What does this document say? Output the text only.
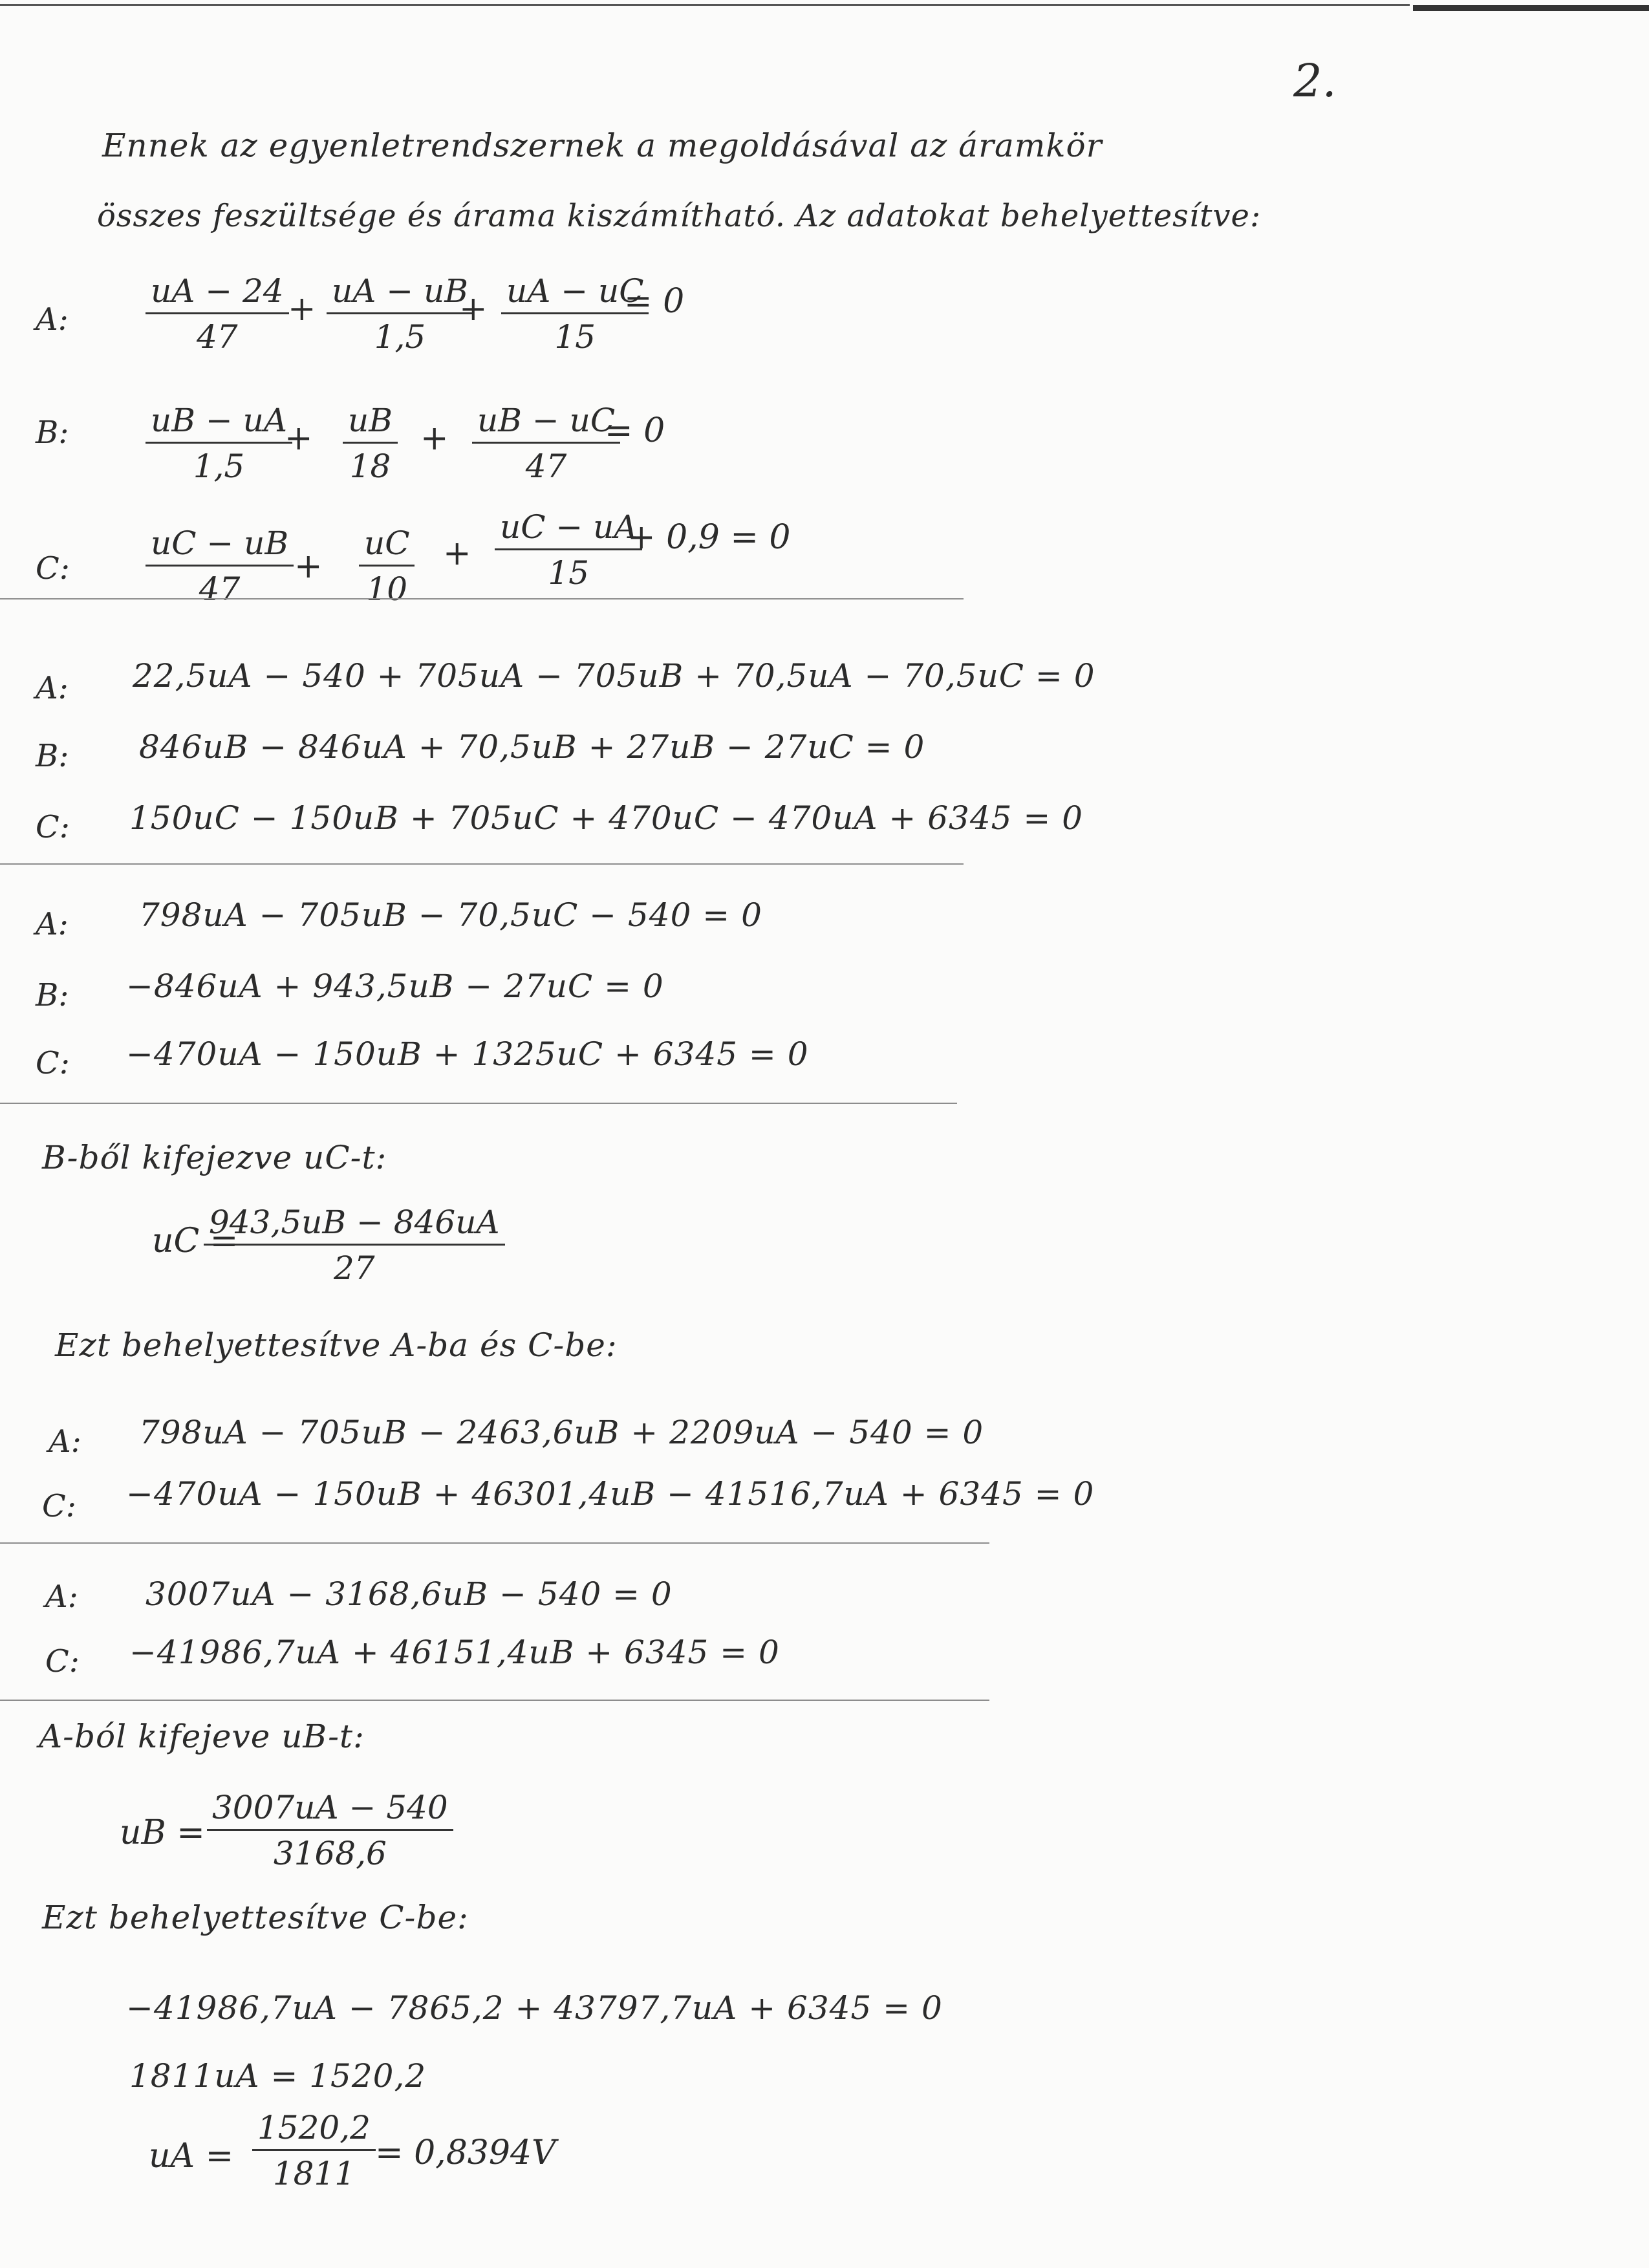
2.
Ennek az egyenletrendszernek a megoldásával az áramkör
összes feszültsége és árama kiszámítható. Az adatokat behelyettesítve:
A:
uA − 24
47
+ uA − uB
1,5
+ uA − uC
15
= 0
B:	uB − uA
1,5
+ uB
18
+ uB − uC
47
= 0
C:
uC − uB
47
+
uC
10
+
uC − uA
15
+ 0,9 = 0
A: 22,5uA − 540 + 705uA − 705uB + 70,5uA − 70,5uC = 0
B: 846uB − 846uA + 70,5uB + 27uB − 27uC = 0
C: 150uC − 150uB + 705uC + 470uC − 470uA + 6345 = 0
A: 798uA − 705uB − 70,5uC − 540 = 0
B: −846uA + 943,5uB − 27uC = 0
C: −470uA − 150uB + 1325uC + 6345 = 0
B-ből kifejezve uC-t:
uC =
943,5uB − 846uA
27
Ezt behelyettesítve A-ba és C-be:
A: 798uA − 705uB − 2463,6uB + 2209uA − 540 = 0
C: −470uA − 150uB + 46301,4uB − 41516,7uA + 6345 = 0
A: 3007uA − 3168,6uB − 540 = 0
C: −41986,7uA + 46151,4uB + 6345 = 0
A-ból kifejeve uB-t:
uB =
3007uA − 540
3168,6
Ezt behelyettesítve C-be:
−41986,7uA − 7865,2 + 43797,7uA + 6345 = 0
1811uA = 1520,2
uA =
1520,2
1811
= 0,8394V
